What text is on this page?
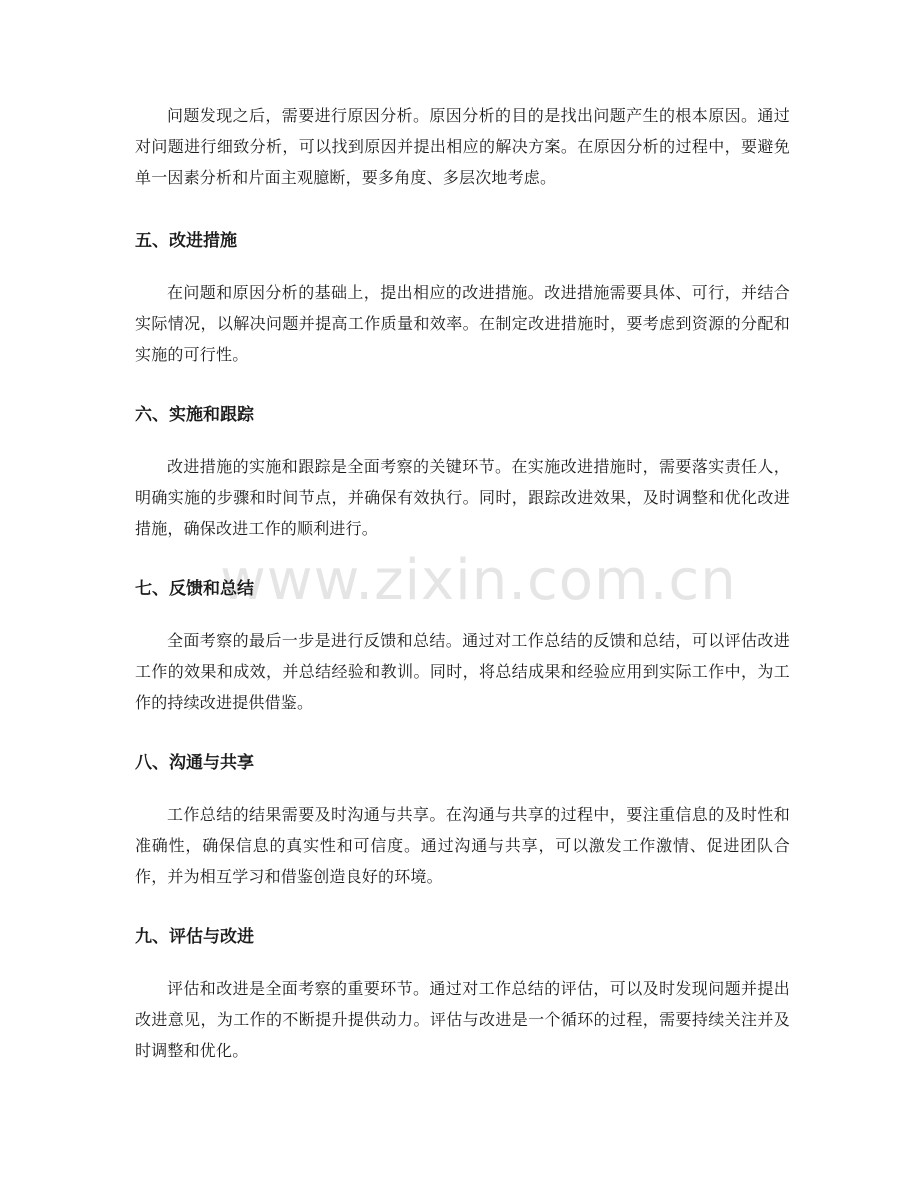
www.zixin.com.cn

问题发现之后，需要进行原因分析。原因分析的目的是找出问题产生的根本原因。通过对问题进行细致分析，可以找到原因并提出相应的解决方案。在原因分析的过程中，要避免单一因素分析和片面主观臆断，要多角度、多层次地考虑。

五、改进措施

在问题和原因分析的基础上，提出相应的改进措施。改进措施需要具体、可行，并结合实际情况，以解决问题并提高工作质量和效率。在制定改进措施时，要考虑到资源的分配和实施的可行性。

六、实施和跟踪

改进措施的实施和跟踪是全面考察的关键环节。在实施改进措施时，需要落实责任人，明确实施的步骤和时间节点，并确保有效执行。同时，跟踪改进效果，及时调整和优化改进措施，确保改进工作的顺利进行。

七、反馈和总结

全面考察的最后一步是进行反馈和总结。通过对工作总结的反馈和总结，可以评估改进工作的效果和成效，并总结经验和教训。同时，将总结成果和经验应用到实际工作中，为工作的持续改进提供借鉴。

八、沟通与共享

工作总结的结果需要及时沟通与共享。在沟通与共享的过程中，要注重信息的及时性和准确性，确保信息的真实性和可信度。通过沟通与共享，可以激发工作激情、促进团队合作，并为相互学习和借鉴创造良好的环境。

九、评估与改进

评估和改进是全面考察的重要环节。通过对工作总结的评估，可以及时发现问题并提出改进意见，为工作的不断提升提供动力。评估与改进是一个循环的过程，需要持续关注并及时调整和优化。
